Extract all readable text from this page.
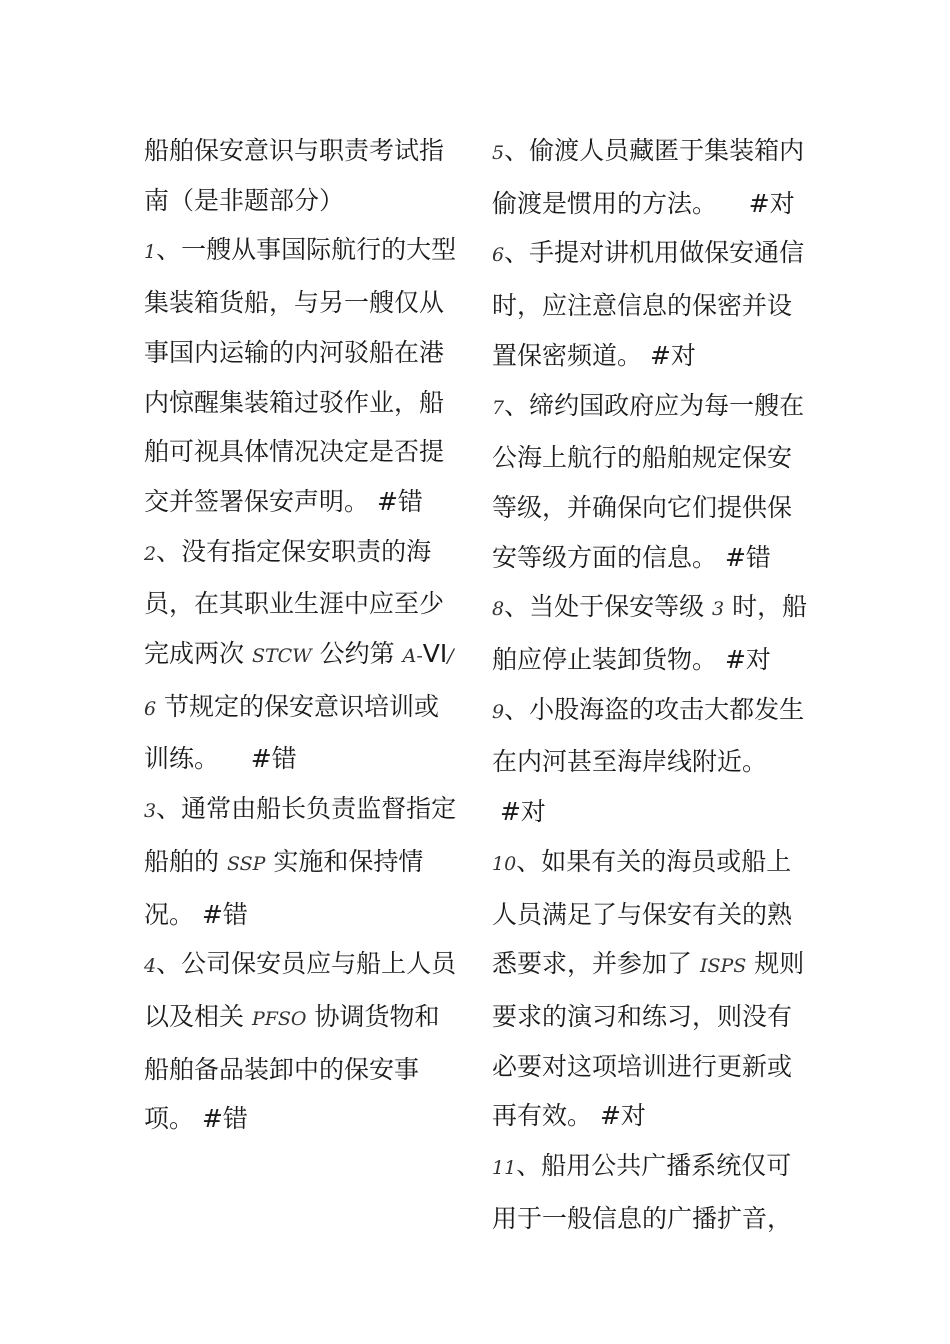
船舶保安意识与职责考试指南（是非题部分）

1、一艘从事国际航行的大型集装箱货船，与另一艘仅从事国内运输的内河驳船在港内惊醒集装箱过驳作业，船舶可视具体情况决定是否提交并签署保安声明。 #错

2、没有指定保安职责的海员，在其职业生涯中应至少完成两次 STCW 公约第 A-VI/6 节规定的保安意识培训或训练。    #错

3、通常由船长负责监督指定船舶的 SSP 实施和保持情况。 #错

4、公司保安员应与船上人员以及相关 PFSO 协调货物和船舶备品装卸中的保安事项。 #错

5、偷渡人员藏匿于集装箱内偷渡是惯用的方法。    #对

6、手提对讲机用做保安通信时，应注意信息的保密并设置保密频道。 #对

7、缔约国政府应为每一艘在公海上航行的船舶规定保安等级，并确保向它们提供保安等级方面的信息。 #错

8、当处于保安等级 3 时，船舶应停止装卸货物。 #对

9、小股海盗的攻击大都发生在内河甚至海岸线附近。 #对

10、如果有关的海员或船上人员满足了与保安有关的熟悉要求，并参加了 ISPS 规则要求的演习和练习，则没有必要对这项培训进行更新或再有效。 #对

11、船用公共广播系统仅可用于一般信息的广播扩音，
